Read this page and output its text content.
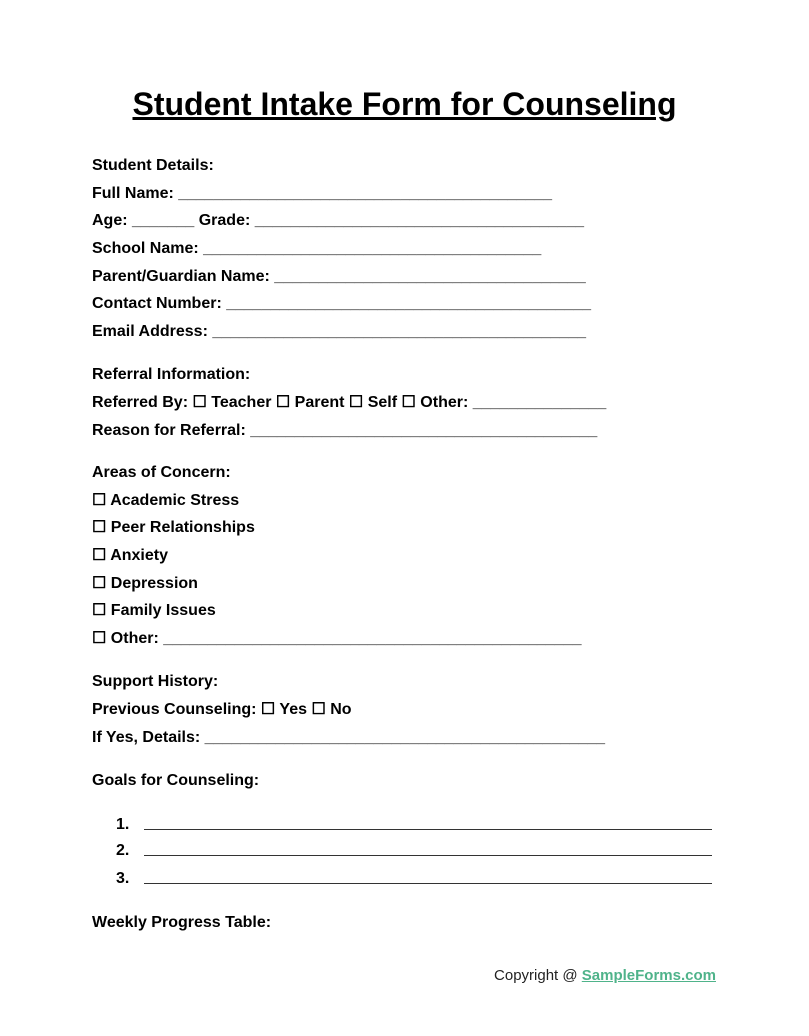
Student Intake Form for Counseling
Student Details:
Full Name: __________________________________________
Age: _______ Grade: _____________________________________
School Name: ______________________________________
Parent/Guardian Name: ___________________________________
Contact Number: _________________________________________
Email Address: __________________________________________
Referral Information:
Referred By: ☐ Teacher ☐ Parent ☐ Self ☐ Other: _______________
Reason for Referral: _______________________________________
Areas of Concern:
☐ Academic Stress
☐ Peer Relationships
☐ Anxiety
☐ Depression
☐ Family Issues
☐ Other: _______________________________________________
Support History:
Previous Counseling: ☐ Yes ☐ No
If Yes, Details: _____________________________________________
Goals for Counseling:
1.
2.
3.
Weekly Progress Table:
Copyright @ SampleForms.com
